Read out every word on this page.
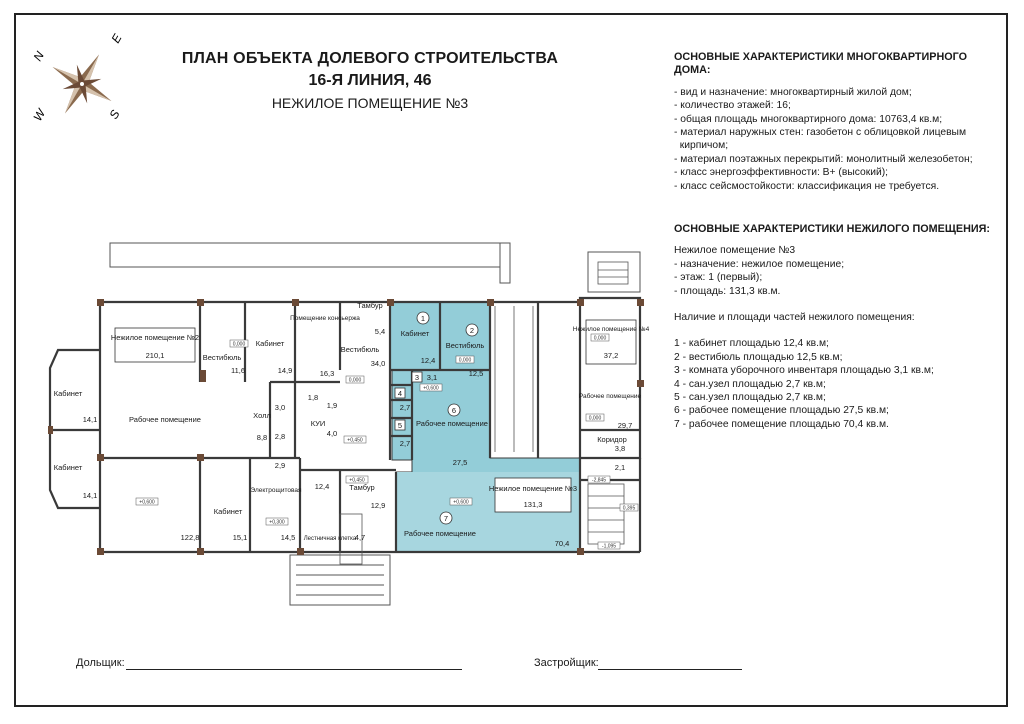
N
E
S
W
ПЛАН ОБЪЕКТА ДОЛЕВОГО СТРОИТЕЛЬСТВА
16-Я ЛИНИЯ, 46
НЕЖИЛОЕ ПОМЕЩЕНИЕ №3
ОСНОВНЫЕ ХАРАКТЕРИСТИКИ МНОГОКВАРТИРНОГО ДОМА:
- вид и назначение: многоквартирный жилой дом;
- количество этажей: 16;
- общая площадь многоквартирного дома: 10763,4 кв.м;
- материал наружных стен: газобетон с облицовкой лицевым
кирпичом;
- материал поэтажных перекрытий: монолитный железобетон;
- класс энергоэффективности: В+ (высокий);
- класс сейсмостойкости: классификация не требуется.
ОСНОВНЫЕ ХАРАКТЕРИСТИКИ НЕЖИЛОГО ПОМЕЩЕНИЯ:
Нежилое помещение №3
- назначение: нежилое помещение;
- этаж: 1 (первый);
- площадь: 131,3 кв.м.
Наличие и площади частей нежилого помещения:
1 - кабинет площадью 12,4 кв.м;
2 - вестибюль площадью 12,5 кв.м;
3 - комната уборочного инвентаря площадью 3,1 кв.м;
4 - сан.узел площадью 2,7 кв.м;
5 - сан.узел площадью 2,7 кв.м;
6 - рабочее помещение площадью 27,5 кв.м;
7 - рабочее помещение площадью 70,4 кв.м.
Нежилое помещение №2
210,1
Кабинет
14,1
Кабинет
14,1
Рабочее помещение
Вестибюль
11,6
Кабинет
14,9
Помещение консьержа
16,3
Тамбур
5,4
Вестибюль
34,0
Холл
8,8
3,0
2,8
1,8
1,9
КУИ
4,0
2,9
122,8
Кабинет
15,1
Электрощитовая
14,5
12,4	Тамбур
12,9
Лестничная клетка
4,7
1
Кабинет
12,4
2
Вестибюль
12,5
3 3,1
4
2,7
5
2,7
6
Рабочее помещение
27,5
Нежилое помещение №3
131,3
7
Рабочее помещение
70,4
Нежилое помещение №4
37,2
Рабочее помещение
29,7
Коридор
3,8
2,1
0,000
0,000
+0,450
0,000
0,000
0,000
+0,600
+0,300
+0,450
+0,600
+0,600
-2,845
0,395
-1,095
Дольщик:	Застройщик:
